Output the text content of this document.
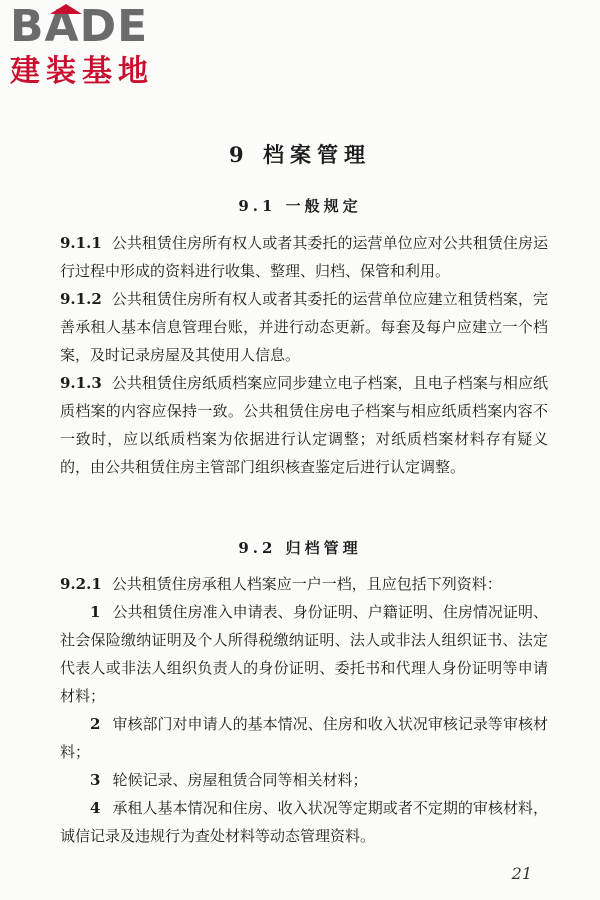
BADE
建装基地
9 档案管理
9.1 一般规定
9.1.1 公共租赁住房所有权人或者其委托的运营单位应对公共租赁住房运行过程中形成的资料进行收集、整理、归档、保管和利用。
9.1.2 公共租赁住房所有权人或者其委托的运营单位应建立租赁档案，完善承租人基本信息管理台账，并进行动态更新。每套及每户应建立一个档案，及时记录房屋及其使用人信息。
9.1.3 公共租赁住房纸质档案应同步建立电子档案，且电子档案与相应纸质档案的内容应保持一致。公共租赁住房电子档案与相应纸质档案内容不一致时，应以纸质档案为依据进行认定调整；对纸质档案材料存有疑义的，由公共租赁住房主管部门组织核查鉴定后进行认定调整。
9.2 归档管理
9.2.1 公共租赁住房承租人档案应一户一档，且应包括下列资料：
1 公共租赁住房准入申请表、身份证明、户籍证明、住房情况证明、社会保险缴纳证明及个人所得税缴纳证明、法人或非法人组织证书、法定代表人或非法人组织负责人的身份证明、委托书和代理人身份证明等申请材料；
2 审核部门对申请人的基本情况、住房和收入状况审核记录等审核材料；
3 轮候记录、房屋租赁合同等相关材料；
4 承租人基本情况和住房、收入状况等定期或者不定期的审核材料，诚信记录及违规行为查处材料等动态管理资料。
21
